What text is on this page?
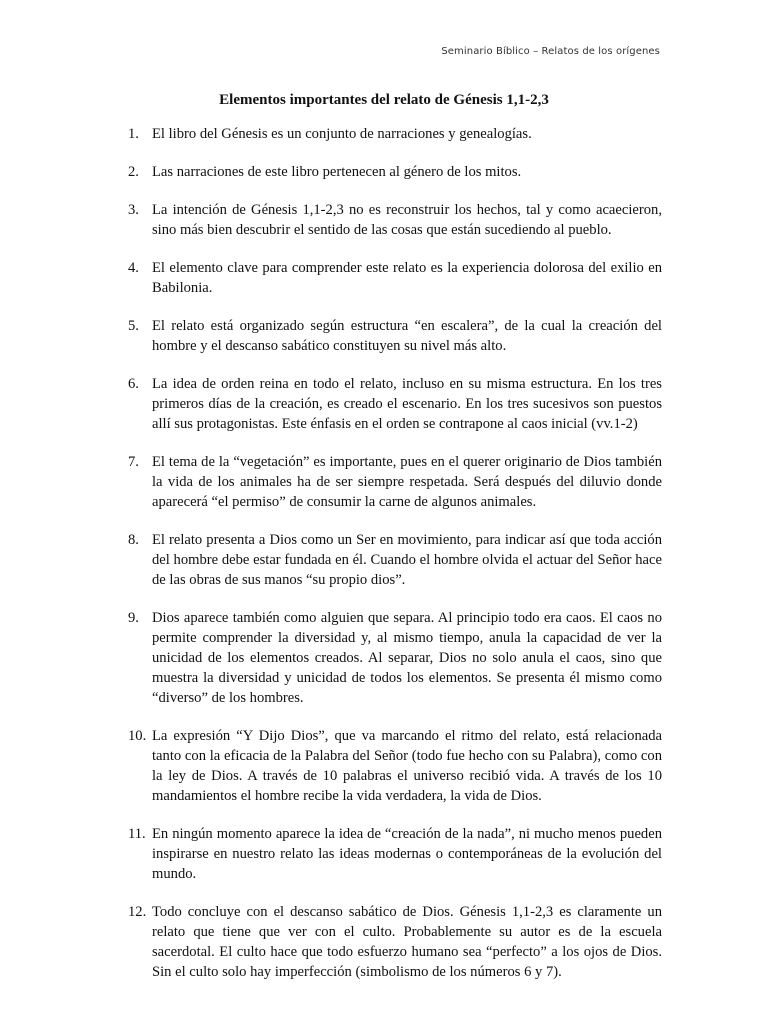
Seminario Bíblico – Relatos de los orígenes
Elementos importantes del relato de Génesis 1,1-2,3
1. El libro del Génesis es un conjunto de narraciones y genealogías.
2. Las narraciones de este libro pertenecen al género de los mitos.
3. La intención de Génesis 1,1-2,3 no es reconstruir los hechos, tal y como acaecieron, sino más bien descubrir el sentido de las cosas que están sucediendo al pueblo.
4. El elemento clave para comprender este relato es la experiencia dolorosa del exilio en Babilonia.
5. El relato está organizado según estructura “en escalera”, de la cual la creación del hombre y el descanso sabático constituyen su nivel más alto.
6. La idea de orden reina en todo el relato, incluso en su misma estructura. En los tres primeros días de la creación, es creado el escenario. En los tres sucesivos son puestos allí sus protagonistas. Este énfasis en el orden se contrapone al caos inicial (vv.1-2)
7. El tema de la “vegetación” es importante, pues en el querer originario de Dios también la vida de los animales ha de ser siempre respetada. Será después del diluvio donde aparecerá “el permiso” de consumir la carne de algunos animales.
8. El relato presenta a Dios como un Ser en movimiento, para indicar así que toda acción del hombre debe estar fundada en él. Cuando el hombre olvida el actuar del Señor hace de las obras de sus manos “su propio dios”.
9. Dios aparece también como alguien que separa. Al principio todo era caos. El caos no permite comprender la diversidad y, al mismo tiempo, anula la capacidad de ver la unicidad de los elementos creados. Al separar, Dios no solo anula el caos, sino que muestra la diversidad y unicidad de todos los elementos. Se presenta él mismo como “diverso” de los hombres.
10. La expresión “Y Dijo Dios”, que va marcando el ritmo del relato, está relacionada tanto con la eficacia de la Palabra del Señor (todo fue hecho con su Palabra), como con la ley de Dios. A través de 10 palabras el universo recibió vida. A través de los 10 mandamientos el hombre recibe la vida verdadera, la vida de Dios.
11. En ningún momento aparece la idea de “creación de la nada”, ni mucho menos pueden inspirarse en nuestro relato las ideas modernas o contemporáneas de la evolución del mundo.
12. Todo concluye con el descanso sabático de Dios. Génesis 1,1-2,3 es claramente un relato que tiene que ver con el culto. Probablemente su autor es de la escuela sacerdotal. El culto hace que todo esfuerzo humano sea “perfecto” a los ojos de Dios. Sin el culto solo hay imperfección (simbolismo de los números 6 y 7).
